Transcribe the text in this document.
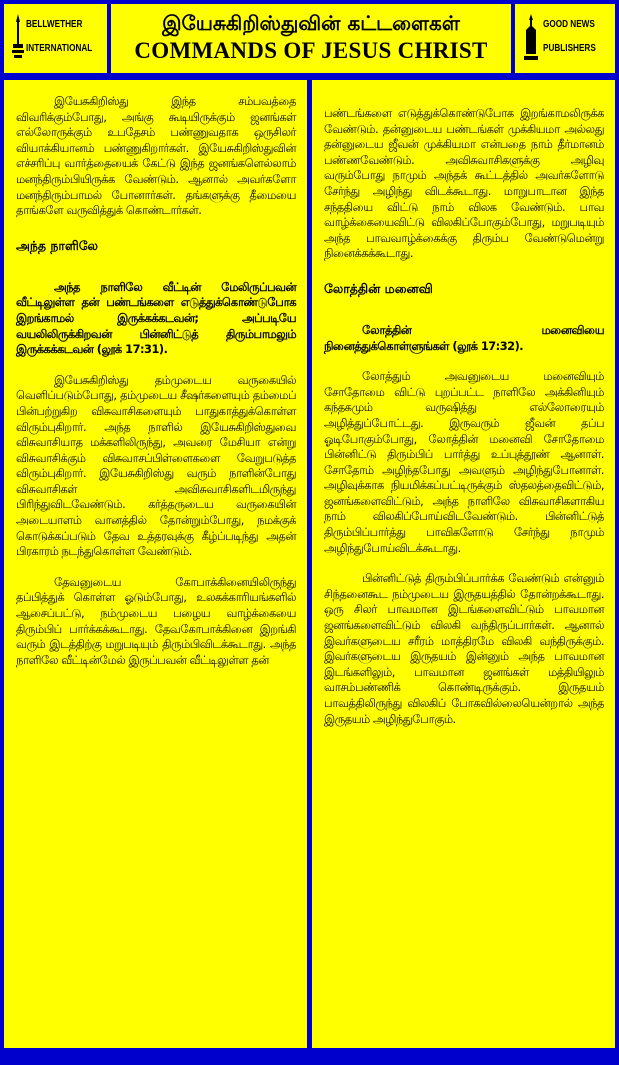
BELLWETHER
INTERNATIONAL
இயேசுகிறிஸ்துவின் கட்டளைகள்
COMMANDS OF JESUS CHRIST
GOOD NEWS
PUBLISHERS

இயேசுகிறிஸ்து இந்த சம்பவத்தை விவரிக்கும்போது, அங்கு கூடியிருக்கும் ஜனங்கள் எல்லோருக்கும் உபதேசம் பண்ணுவதாக ஒருசிலர் வியாக்கியானம் பண்ணுகிறார்கள். இயேசுகிறிஸ்துவின் எச்சரிப்பு வார்த்தையைக் கேட்டு இந்த ஜனங்களெல்லாம் மனந்திரும்பியிருக்க வேண்டும். ஆனால் அவர்களோ மனந்திரும்பாமல் போனார்கள். தங்களுக்கு தீமையை தாங்களே வருவித்துக் கொண்டார்கள்.

அந்த நாளிலே

அந்த நாளிலே வீட்டின் மேலிருப்பவன் வீட்டிலுள்ள தன் பண்டங்களை எடுத்துக்கொண்டுபோக இறங்காமல் இருக்கக்கடவன்; அப்படியே வயலிலிருக்கிறவன் பின்னிட்டுத் திரும்பாமலும் இருக்கக்கடவன் (லூக் 17:31).

இயேசுகிறிஸ்து தம்முடைய வருகையில் வெளிப்படும்போது, தம்முடைய சீஷர்களையும் தம்மைப் பின்பற்றுகிற விசுவாசிகளையும் பாதுகாத்துக்கொள்ள விரும்புகிறார். அந்த நாளில் இயேசுகிறிஸ்துவை விசுவாசியாத மக்களிலிருந்து, அவரை மேசியா என்று விசுவாசிக்கும் விசுவாசப்பிள்ளைகளை வேறுபடுத்த விரும்புகிறார். இயேசுகிறிஸ்து வரும் நாளின்போது விசுவாசிகள் அவிசுவாசிகளிடமிருந்து பிரிந்துவிடவேண்டும். கர்த்தருடைய வருகையின் அடையாளம் வானத்தில் தோன்றும்போது, நமக்குக் கொடுக்கப்படும் தேவ உத்தரவுக்கு கீழ்ப்படிந்து அதன் பிரகாரம் நடந்துகொள்ள வேண்டும்.

தேவனுடைய கோபாக்கினையிலிருந்து தப்பித்துக் கொள்ள ஓடும்போது, உலகக்காரியங்களில் ஆசைப்பட்டு, நம்முடைய பழைய வாழ்க்கையை திரும்பிப் பார்க்கக்கூடாது. தேவகோபாக்கினை இறங்கி வரும் இடத்திற்கு மறுபடியும் திரும்பிவிடக்கூடாது. அந்த நாளிலே வீட்டின்மேல் இருப்பவன் வீட்டிலுள்ள தன்

பண்டங்களை எடுத்துக்கொண்டுபோக இறங்காமலிருக்க வேண்டும். தன்னுடைய பண்டங்கள் முக்கியமா அல்லது தன்னுடைய ஜீவன் முக்கியமா என்பதை நாம் தீர்மானம் பண்ணவேண்டும். அவிசுவாசிகளுக்கு அழிவு வரும்போது நாமும் அந்தக் கூட்டத்தில் அவர்களோடு சேர்ந்து அழிந்து விடக்கூடாது. மாறுபாடான இந்த சந்ததியை விட்டு நாம் விலக வேண்டும். பாவ வாழ்க்கையைவிட்டு விலகிப்போகும்போது, மறுபடியும் அந்த பாவவாழ்க்கைக்கு திரும்ப வேண்டுமென்று நினைக்கக்கூடாது.

லோத்தின் மனைவி

லோத்தின் மனைவியை நினைத்துக்கொள்ளுங்கள் (லூக் 17:32).

லோத்தும் அவனுடைய மனைவியும் சோதோமை விட்டு புறப்பட்ட நாளிலே அக்கினியும் கந்தகமும் வருஷித்து எல்லோரையும் அழித்துப்போட்டது. இருவரும் ஜீவன் தப்ப ஓடிபோகும்போது, லோத்தின் மனைவி சோதோமை பின்னிட்டு திரும்பிப் பார்த்து உப்புத்தூண் ஆனாள். சோதோம் அழிந்தபோது அவளும் அழிந்துபோனாள். அழிவுக்காக நியமிக்கப்பட்டிருக்கும் ஸ்தலத்தைவிட்டும், ஜனங்களைவிட்டும், அந்த நாளிலே விசுவாசிகளாகிய நாம் விலகிப்போய்விடவேண்டும். பின்னிட்டுத் திரும்பிப்பார்த்து பாவிகளோடு சேர்ந்து நாமும் அழிந்துபோய்விடக்கூடாது.

பின்னிட்டுத் திரும்பிப்பார்க்க வேண்டும் என்னும் சிந்தனைகூட நம்முடைய இருதயத்தில் தோன்றக்கூடாது. ஒரு சிலர் பாவமான இடங்களைவிட்டும் பாவமான ஜனங்களைவிட்டும் விலகி வந்திருப்பார்கள். ஆனால் இவர்களுடைய சரீரம் மாத்திரமே விலகி வந்திருக்கும். இவர்களுடைய இருதயம் இன்னும் அந்த பாவமான இடங்களிலும், பாவமான ஜனங்கள் மத்தியிலும் வாசம்பண்ணிக் கொண்டிருக்கும். இருதயம் பாவத்திலிருந்து விலகிப் போகவில்லையென்றால் அந்த இருதயம் அழிந்துபோகும்.
